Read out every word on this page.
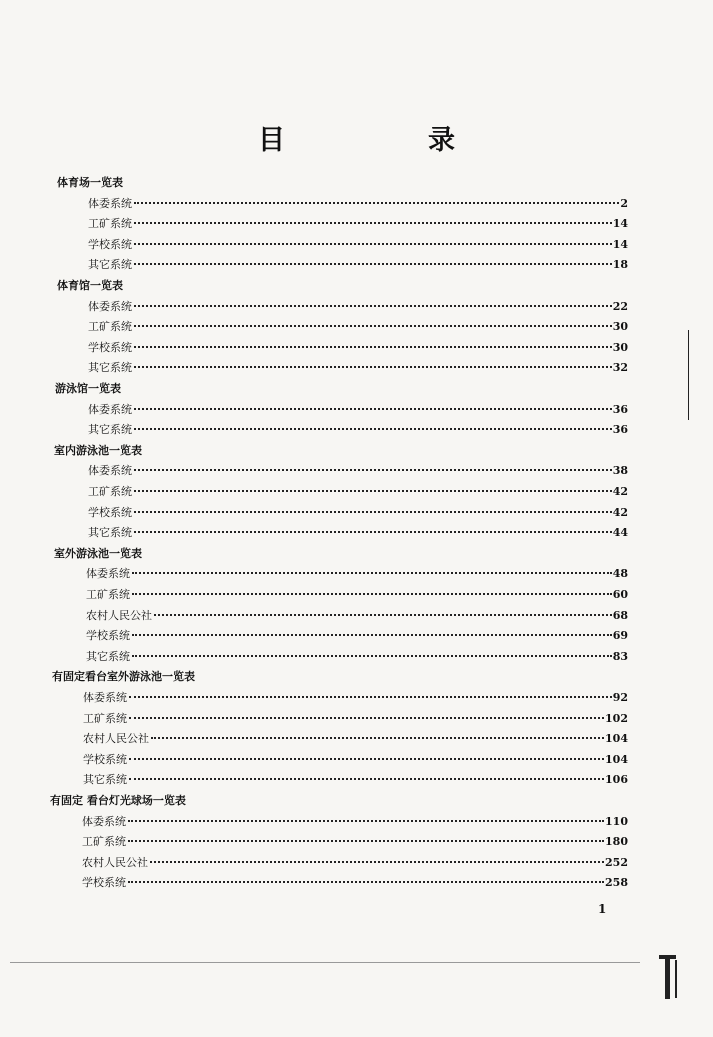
目　录
体育场一览表
体委系统	2
工矿系统	14
学校系统	14
其它系统	18
体育馆一览表
体委系统	22
工矿系统	30
学校系统	30
其它系统	32
游泳馆一览表
体委系统	36
其它系统	36
室内游泳池一览表
体委系统	38
工矿系统	42
学校系统	42
其它系统	44
室外游泳池一览表
体委系统	48
工矿系统	60
农村人民公社	68
学校系统	69
其它系统	83
有固定看台室外游泳池一览表
体委系统	92
工矿系统	102
农村人民公社	104
学校系统	104
其它系统	106
有固定 看台灯光球场一览表
体委系统	110
工矿系统	180
农村人民公社	252
学校系统	258
1
